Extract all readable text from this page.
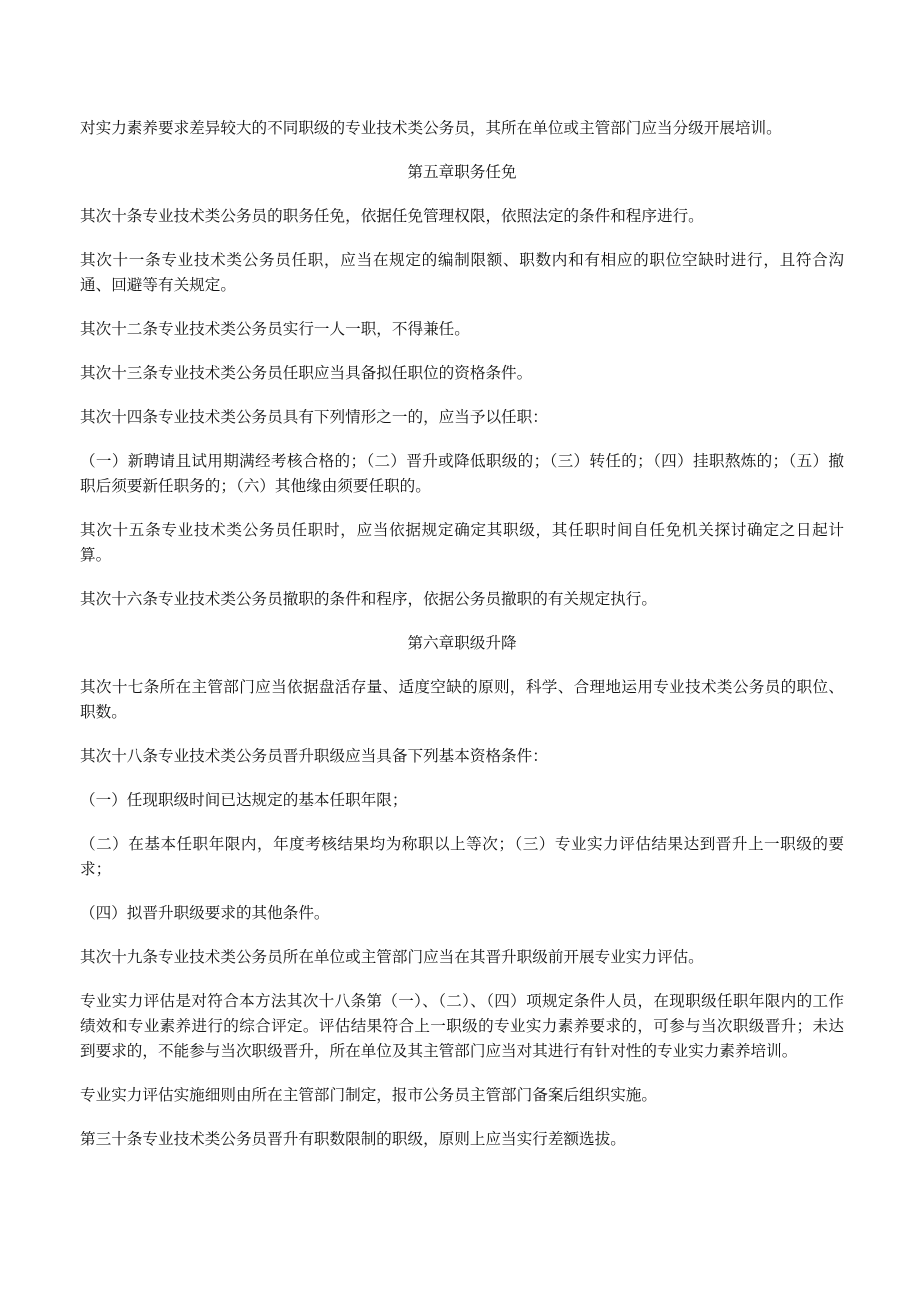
对实力素养要求差异较大的不同职级的专业技术类公务员，其所在单位或主管部门应当分级开展培训。

第五章职务任免

其次十条专业技术类公务员的职务任免，依据任免管理权限，依照法定的条件和程序进行。

其次十一条专业技术类公务员任职，应当在规定的编制限额、职数内和有相应的职位空缺时进行，且符合沟通、回避等有关规定。

其次十二条专业技术类公务员实行一人一职，不得兼任。

其次十三条专业技术类公务员任职应当具备拟任职位的资格条件。

其次十四条专业技术类公务员具有下列情形之一的，应当予以任职：

（一）新聘请且试用期满经考核合格的；（二）晋升或降低职级的；（三）转任的；（四）挂职熬炼的；（五）撤职后须要新任职务的；（六）其他缘由须要任职的。

其次十五条专业技术类公务员任职时，应当依据规定确定其职级，其任职时间自任免机关探讨确定之日起计算。

其次十六条专业技术类公务员撤职的条件和程序，依据公务员撤职的有关规定执行。

第六章职级升降

其次十七条所在主管部门应当依据盘活存量、适度空缺的原则，科学、合理地运用专业技术类公务员的职位、职数。

其次十八条专业技术类公务员晋升职级应当具备下列基本资格条件：

（一）任现职级时间已达规定的基本任职年限；

（二）在基本任职年限内，年度考核结果均为称职以上等次；（三）专业实力评估结果达到晋升上一职级的要求；

（四）拟晋升职级要求的其他条件。

其次十九条专业技术类公务员所在单位或主管部门应当在其晋升职级前开展专业实力评估。

专业实力评估是对符合本方法其次十八条第（一）、（二）、（四）项规定条件人员，在现职级任职年限内的工作绩效和专业素养进行的综合评定。评估结果符合上一职级的专业实力素养要求的，可参与当次职级晋升；未达到要求的，不能参与当次职级晋升，所在单位及其主管部门应当对其进行有针对性的专业实力素养培训。

专业实力评估实施细则由所在主管部门制定，报市公务员主管部门备案后组织实施。

第三十条专业技术类公务员晋升有职数限制的职级，原则上应当实行差额选拔。
